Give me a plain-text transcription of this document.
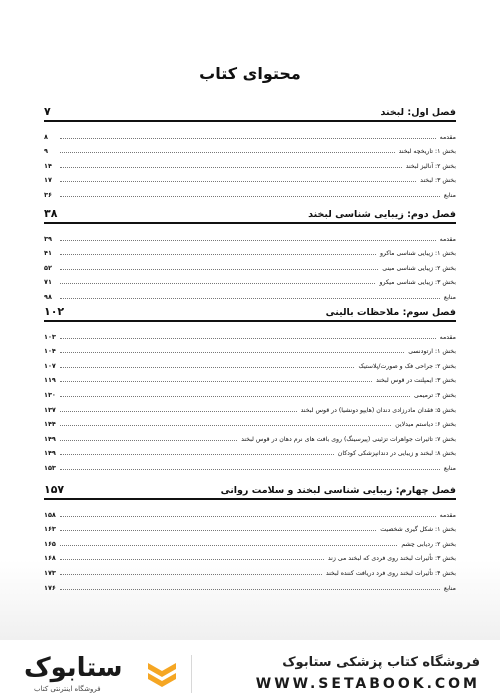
محتوای کتاب
فصل اول: لبخند
۷
مقدمه
۸
بخش ۱: تاریخچه لبخند
۹
بخش ۲: آنالیز لبخند
۱۴
بخش ۳: لبخند
۱۷
منابع
۳۶
فصل دوم: زیبایی شناسی لبخند
۳۸
مقدمه
۳۹
بخش ۱: زیبایی شناسی ماکرو
۴۱
بخش ۲: زیبایی شناسی مینی
۵۲
بخش ۳: زیبایی شناسی میکرو
۷۱
منابع
۹۸
فصل سوم: ملاحظات بالینی
۱۰۲
مقدمه
۱۰۳
بخش ۱: ارتودنسی
۱۰۴
بخش ۲: جراحی فک و صورت/پلاستیک
۱۰۷
بخش ۳: ایمپلنت در قوس لبخند
۱۱۹
بخش ۴: ترمیمی
۱۳۰
بخش ۵: فقدان مادرزادی دندان (هایپو دونشیا) در قوس لبخند
۱۳۷
بخش ۶: دیاستم میدلاین
۱۴۴
بخش ۷: تاثیرات جواهرات تزئینی (پیرسینگ) روی بافت های نرم دهان در قوس لبخند
۱۴۹
بخش ۸: لبخند و زیبایی در دندانپزشکی کودکان
۱۴۹
منابع
۱۵۳
فصل چهارم: زیبایی شناسی لبخند و سلامت روانی
۱۵۷
مقدمه
۱۵۸
بخش ۱: شکل گیری شخصیت
۱۶۳
بخش ۲: ردیابی چشم
۱۶۵
بخش ۳: تأثیرات لبخند روی فردی که لبخند می زند
۱۶۸
بخش ۴: تأثیرات لبخند روی فرد دریافت کننده لبخند
۱۷۳
منابع
۱۷۶
ستابوک
فروشگاه اینترنتی کتاب
فروشگاه کتاب پزشکی ستابوک
WWW.SETABOOK.COM
